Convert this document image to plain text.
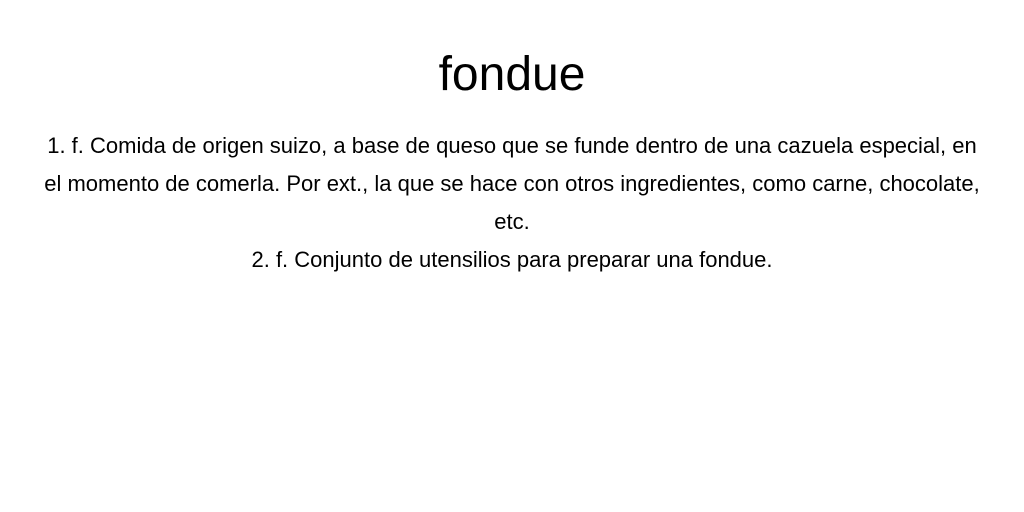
fondue
1. f. Comida de origen suizo, a base de queso que se funde dentro de una cazuela especial, en el momento de comerla. Por ext., la que se hace con otros ingredientes, como carne, chocolate, etc.
2. f. Conjunto de utensilios para preparar una fondue.
